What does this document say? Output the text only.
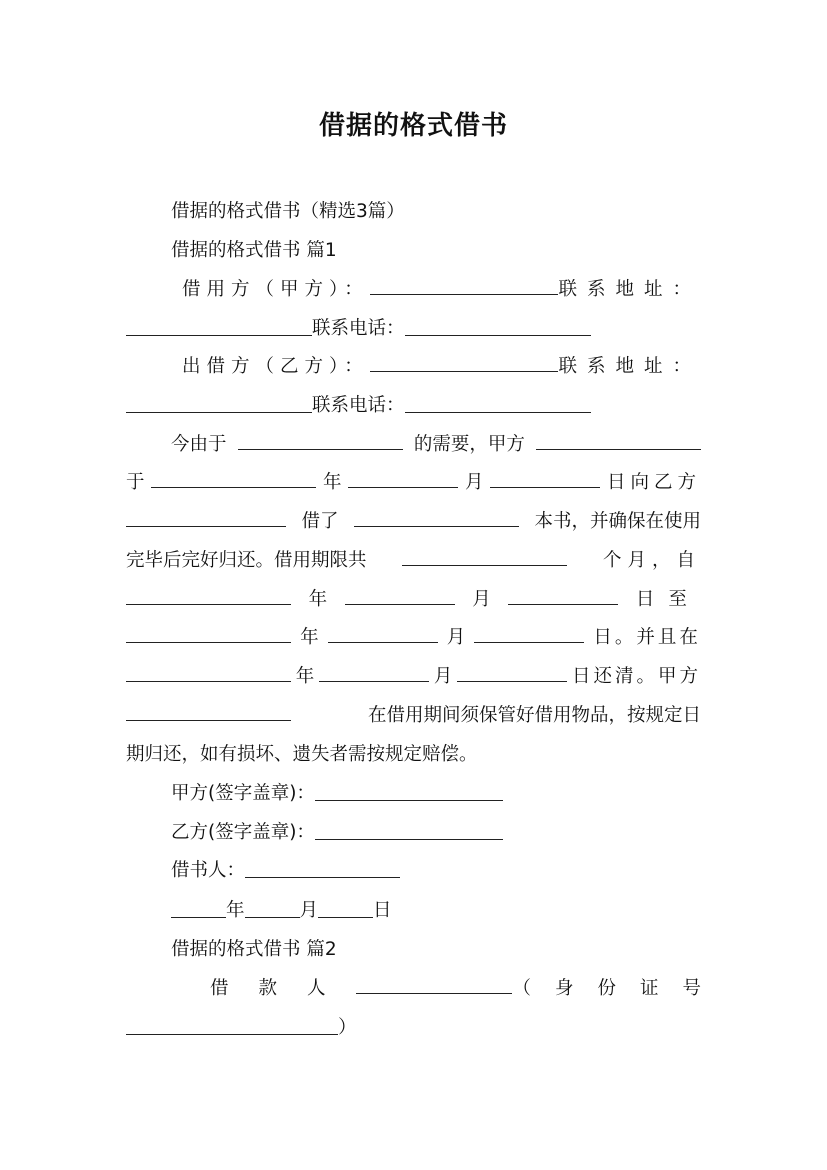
借据的格式借书
借据的格式借书（精选3篇）
借据的格式借书 篇1
借用方（甲方）：	联系地址：
联系电话：
出借方（乙方）：	联系地址：
联系电话：
今由于	的需要，甲方
于	年	月	日向乙方
借了	本书，并确保在使用
完毕后完好归还。借用期限共	个月，自
年	月	日至
年	月	日。并且在
年	月	日还清。甲方
在借用期间须保管好借用物品，按规定日
期归还，如有损坏、遗失者需按规定赔偿。
甲方(签字盖章)：
乙方(签字盖章)：
借书人：
年	月	日
借据的格式借书 篇2
借款人	（身份证号
）
